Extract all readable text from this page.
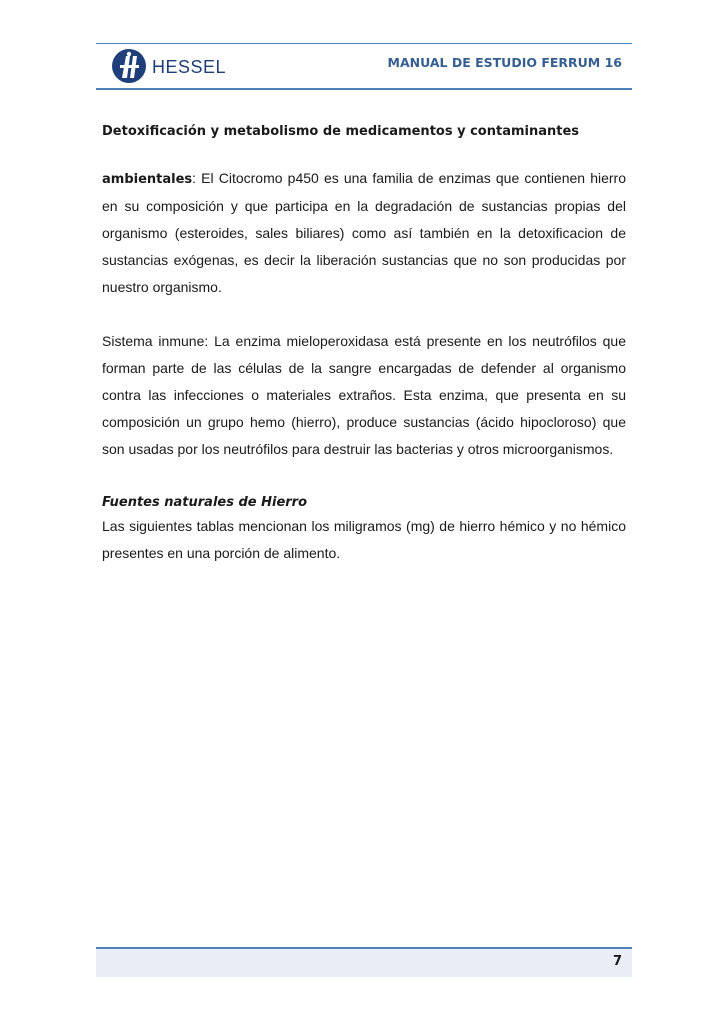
HESSEL	MANUAL DE ESTUDIO FERRUM 16
Detoxificación y metabolismo de medicamentos y contaminantes

ambientales: El Citocromo p450 es una familia de enzimas que contienen hierro en su composición y que participa en la degradación de sustancias propias del organismo (esteroides, sales biliares) como así también en la detoxificacion de sustancias exógenas, es decir la liberación sustancias que no son producidas por nuestro organismo.

Sistema inmune: La enzima mieloperoxidasa está presente en los neutrófilos que forman parte de las células de la sangre encargadas de defender al organismo contra las infecciones o materiales extraños. Esta enzima, que presenta en su composición un grupo hemo (hierro), produce sustancias (ácido hipocloroso) que son usadas por los neutrófilos para destruir las bacterias y otros microorganismos.

Fuentes naturales de Hierro

Las siguientes tablas mencionan los miligramos (mg) de hierro hémico y no hémico presentes en una porción de alimento.

7
